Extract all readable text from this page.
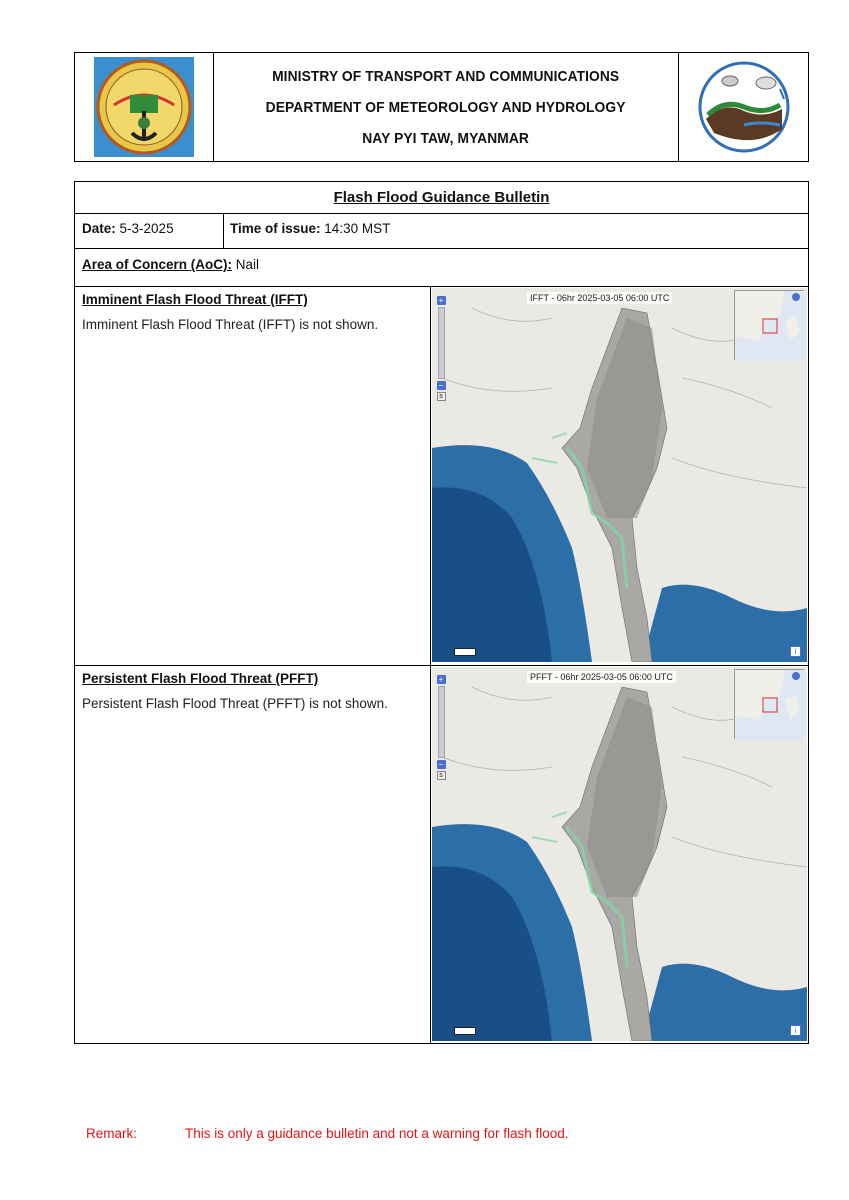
MINISTRY OF TRANSPORT AND COMMUNICATIONS
DEPARTMENT OF METEOROLOGY AND HYDROLOGY
NAY PYI TAW, MYANMAR
Flash Flood Guidance Bulletin
Date: 5-3-2025	Time of issue: 14:30 MST
Area of Concern (AoC):
Nail
Imminent Flash Flood Threat (IFFT)
Imminent Flash Flood Threat (IFFT) is not shown.
IFFT - 06hr 2025-03-05 06:00 UTC
+
−
s
i
Persistent Flash Flood Threat (PFFT)
Persistent Flash Flood Threat (PFFT) is not shown.
PFFT - 06hr 2025-03-05 06:00 UTC
+
−
s
i
Remark:	This is only a guidance bulletin and not a warning for flash flood.
